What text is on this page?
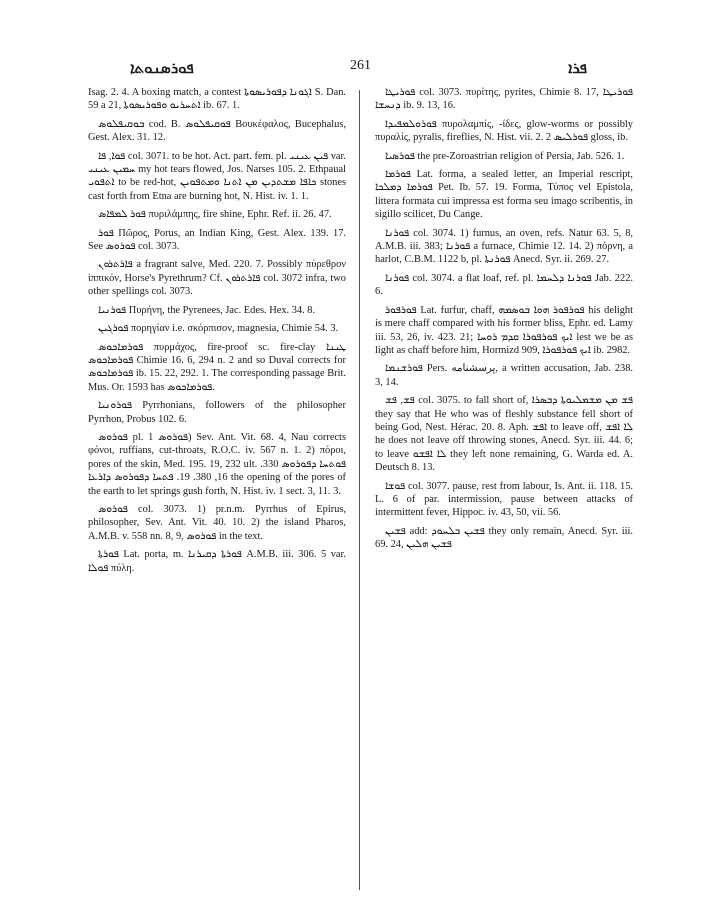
ܦܘܪܣܢܘܬܐ	261	ܦܪܐ

Isag. 2. 4. A boxing match, a contest ܐܓܘܢܐ ܕܦܘܪܝܣܘܬܐ S. Dan. 59 a 21, ܐܬܚܪܝܘ ܘܦܘܪܝܣܘܬܐ ib. 67. 1.

ܒܘܩܝܦܠܘܣ cod. B. ܦܘܩܝܦܠܘܣ Βουκέφαλος, Bucephalus, Gest. Alex. 31. 12.

ܦܘܐ, ܦܐ col. 3071. to be hot. Act. part. fem. pl. ܦܝܢ ܥܝܢܝ var. ܚܡܝܢ ܥܝܢܝ my hot tears flowed, Jos. Narses 105. 2. Ethpaual ܐܬܦܘܝ to be red-hot, ܟܐܦܐ ܡܫܬܕܝܢ ܡܢ ܐܬܢܐ ܘܡܬܦܘܝܢ stones cast forth from Etna are burning hot, N. Hist. iv. 1. 1.

ܦܘܪ ܠܡܦܐܣ πυριλάμπης, fire shine, Ephr. Ref. ii. 26. 47.

ܦܘܪ Πῶρος, Porus, an Indian King, Gest. Alex. 139. 17. See ܦܘܪܘܣ col. 3073.

ܦܐܪܬܪܘܢ a fragrant salve, Med. 220. 7. Possibly πύρεθρον ἱππικόν, Horse's Pyrethrum? Cf. ܦܐܪܬܪܘܢ col. 3072 infra, two other spellings col. 3073.

ܦܘܪܢܝܐ Πυρήνη, the Pyrenees, Jac. Edes. Hex. 34. 8.

ܦܘܪܓܝܢ πορηγίαν i.e. σκόρπισον, magnesia, Chimie 54. 3.

ܦܘܪܡܐܟܘܣ πυρμάχος, fire-proof sc. fire-clay ܛܝܢܐ ܦܘܪܡܐܟܘܣ Chimie 16. 6, 294 n. 2 and so Duval corrects for ܦܘܪܡܐܟܘܣ ib. 15. 22, 292. 1. The corresponding passage Brit. Mus. Or. 1593 has ܦܘܪܡܐܟܘܣ.

ܦܘܪܘܢܝܐ Pyrrhonians, followers of the philosopher Pyrrhon, Probus 102. 6.

ܦܘܪܘܣ pl. ܦܘܪܘܣ 1) Sev. Ant. Vit. 68. 4, Nau corrects φόνοι, ruffians, cut-throats, R.O.C. iv. 567 n. 1. 2) πόροι, pores of the skin, Med. 195. 19, 232 ult. ܦܘܬܚܐ ܕܦܘܪܘܣ 330. 16, 380. 19. ܦܬܚܐ ܕܦܘܪܘܣ ܕܐܪܥܐ the opening of the pores of the earth to let springs gush forth, N. Hist. iv. 1 sect. 3, 11. 3.

ܦܘܪܘܣ col. 3073. 1) pr.n.m. Pyrrhus of Epirus, philosopher, Sev. Ant. Vit. 40. 10. 2) the island Pharos, A.M.B. v. 558 nn. 8, 9, ܦܘܪܘܣ in the text.

ܦܘܪܬܐ Lat. porta, m. ܦܘܪܬܐ ܕܩܝܪܢܐ A.M.B. iii. 306. 5 var. ܦܘܠܐ πύλη.

ܦܘܪܝܛܐ col. 3073. πυρίτης, pyrites, Chimie 8. 17, ܦܘܪܝܛܐ ܕܢܚܫܐ ib. 9. 13, 16.

ܦܘܪܘܠܡܦܝܕܐ πυρολαμπίς, -ίδες, glow-worms or possibly πυραλίς, pyralis, fireflies, N. Hist. vii. 2. 2 ܦܘܪܠܝܣ gloss, ib.

ܦܘܪܣܝܐ the pre-Zoroastrian religion of Persia, Jab. 526. 1.

ܦܘܪܡܐ Lat. forma, a sealed letter, an Imperial rescript, ܦܘܪܡܐ ܕܡܠܟܐ Pet. Ib. 57. 19. Forma, Τύπος vel Epistola, littera formata cui impressa est forma seu imago scribentis, in sigillo scilicet, Du Cange.

ܦܘܪܢܐ col. 3074. 1) furnus, an oven, refs. Natur 63. 5, 8, A.M.B. iii. 383; ܦܘܪܢܐ a furnace, Chimie 12. 14. 2) πόρνη, a harlot, C.B.M. 1122 b, pl. ܦܘܪܢܬܐ Anecd. Syr. ii. 269. 27.

ܦܘܪܢܐ col. 3074. a flat loaf, ref. pl. ܦܘܪܢܐ ܕܠܚܡܐ Jab. 222. 6.

ܦܘܪܦܘܪ Lat. furfur, chaff, ܦܘܪܦܘܪ ܗܘܐ ܒܘܣܡܗ his delight is mere chaff compared with his former bliss, Ephr. ed. Lamy iii. 53, 26, iv. 423. 21; ܐܝܟ ܦܘܪܦܘܪܐ ܩܕܡ ܪܘܚܐ lest we be as light as chaff before him, Hormizd 909, ܐܝܟ ܦܘܪܦܘܪܐ ib. 2982.

ܦܘܪܫܢܡܐ Pers. پرسشنامه, a written accusation, Jab. 238. 3, 14.

ܦܫ, ܦܫ col. 3075. to fall short of, ܦܫ ܡܢ ܡܫܡܠܝܘܬܐ ܕܒܣܪܐ they say that He who was of fleshly substance fell short of being God, Nest. Hérac. 20. 8. Aph. ܐܦܫ to leave off, ܠܐ ܐܦܫ he does not leave off throwing stones, Anecd. Syr. iii. 44. 6; to leave ܠܐ ܐܦܫܘ they left none remaining, G. Warda ed. A. Deutsch 8. 13.

ܦܘܫܐ col. 3077. pause, rest from labour, Is. Ant. ii. 118. 15. L. 6 of par. intermission, pause between attacks of intermittent fever, Hippoc. iv. 43, 50, vii. 56.

ܦܫܝܢ add: ܦܫܝܢ ܒܠܚܘܕ they only remain, Anecd. Syr. iii. 69. 24, ܦܫܝܢ ܗܠܝܢ
